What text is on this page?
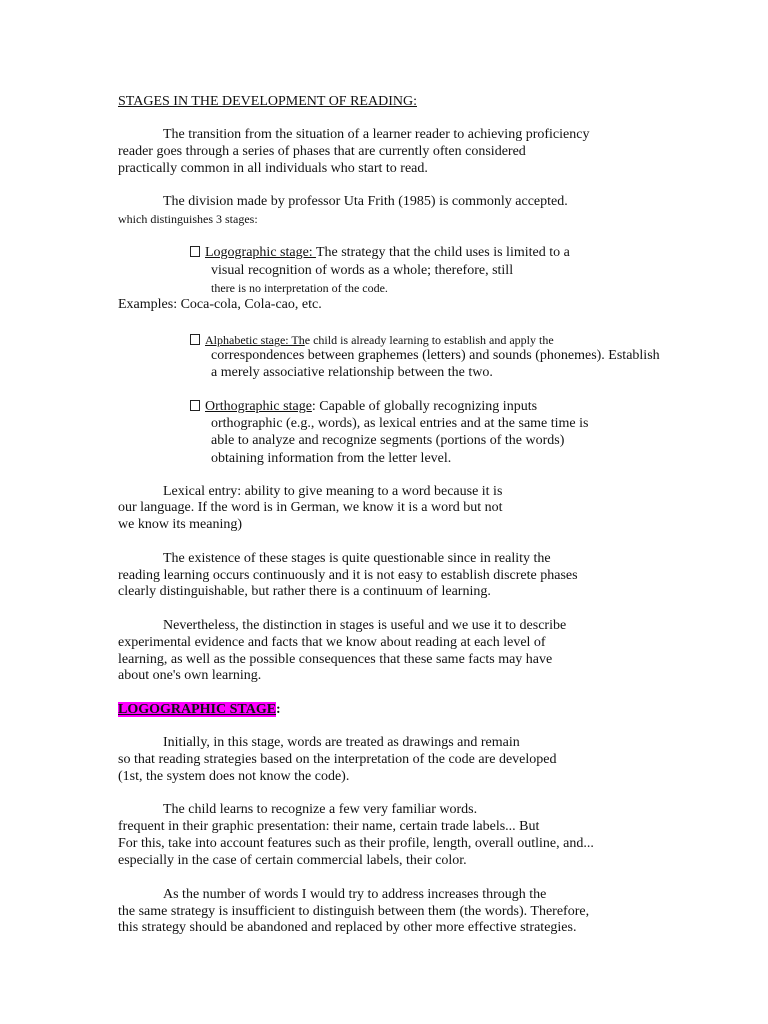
STAGES IN THE DEVELOPMENT OF READING:
The transition from the situation of a learner reader to achieving proficiency
reader goes through a series of phases that are currently often considered
practically common in all individuals who start to read.
The division made by professor Uta Frith (1985) is commonly accepted.
which distinguishes 3 stages:
Logographic stage: The strategy that the child uses is limited to a
visual recognition of words as a whole; therefore, still
there is no interpretation of the code.
Examples: Coca-cola, Cola-cao, etc.
Alphabetic stage: The child is already learning to establish and apply the
correspondences between graphemes (letters) and sounds (phonemes). Establish
a merely associative relationship between the two.
Orthographic stage: Capable of globally recognizing inputs
orthographic (e.g., words), as lexical entries and at the same time is
able to analyze and recognize segments (portions of the words)
obtaining information from the letter level.
Lexical entry: ability to give meaning to a word because it is
our language. If the word is in German, we know it is a word but not
we know its meaning)
The existence of these stages is quite questionable since in reality the
reading learning occurs continuously and it is not easy to establish discrete phases
clearly distinguishable, but rather there is a continuum of learning.
Nevertheless, the distinction in stages is useful and we use it to describe
experimental evidence and facts that we know about reading at each level of
learning, as well as the possible consequences that these same facts may have
about one's own learning.
LOGOGRAPHIC STAGE:
Initially, in this stage, words are treated as drawings and remain
so that reading strategies based on the interpretation of the code are developed
(1st, the system does not know the code).
The child learns to recognize a few very familiar words.
frequent in their graphic presentation: their name, certain trade labels... But
For this, take into account features such as their profile, length, overall outline, and...
especially in the case of certain commercial labels, their color.
As the number of words I would try to address increases through the
the same strategy is insufficient to distinguish between them (the words). Therefore,
this strategy should be abandoned and replaced by other more effective strategies.
